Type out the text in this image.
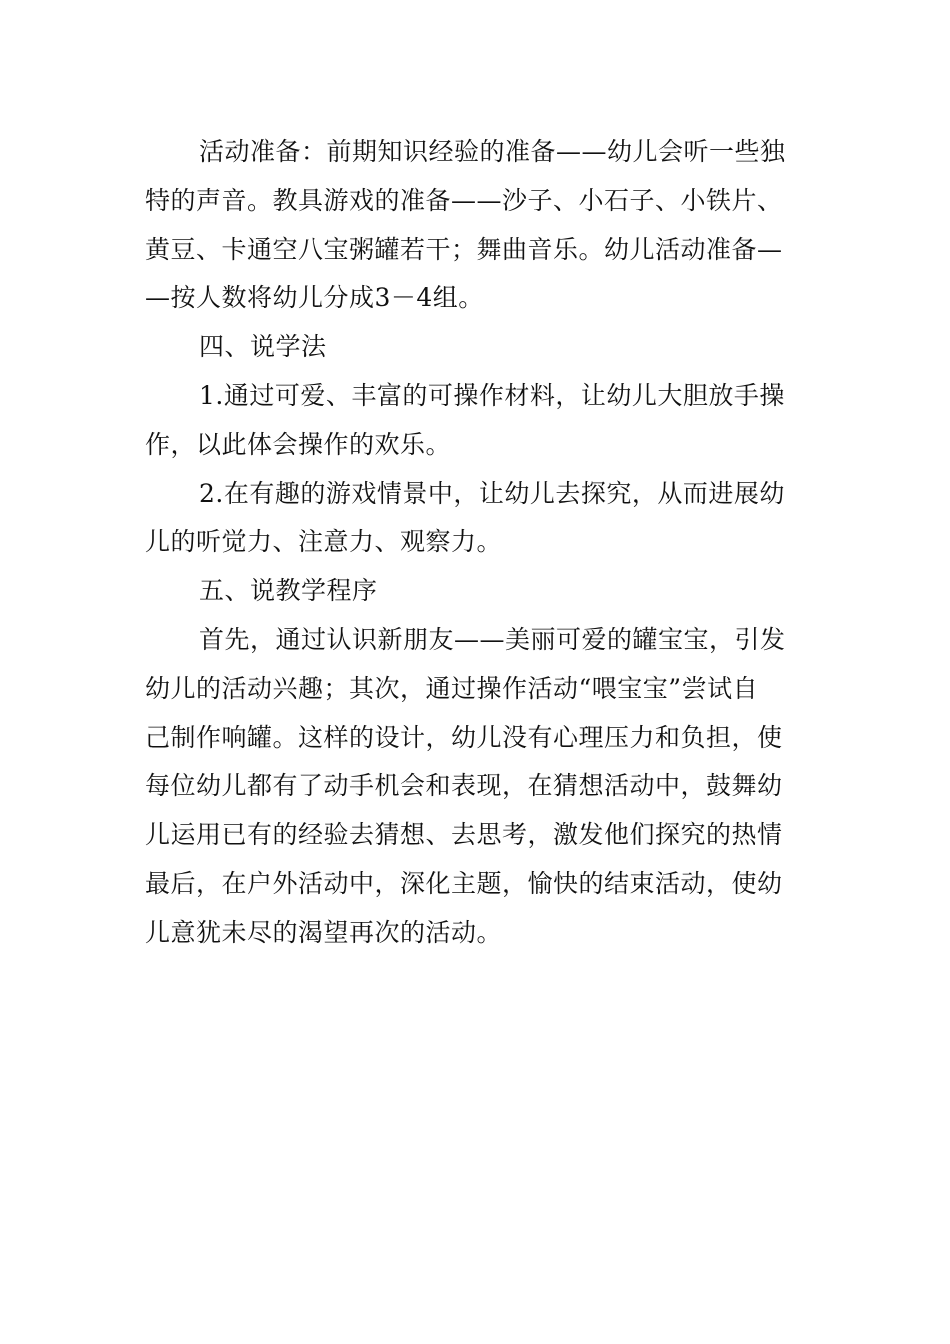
活动准备：前期知识经验的准备——幼儿会听一些独
特的声音。教具游戏的准备——沙子、小石子、小铁片、
黄豆、卡通空八宝粥罐若干；舞曲音乐。幼儿活动准备—
—按人数将幼儿分成3－4组。
四、说学法
1.通过可爱、丰富的可操作材料，让幼儿大胆放手操
作，以此体会操作的欢乐。
2.在有趣的游戏情景中，让幼儿去探究，从而进展幼
儿的听觉力、注意力、观察力。
五、说教学程序
首先，通过认识新朋友——美丽可爱的罐宝宝，引发
幼儿的活动兴趣；其次，通过操作活动“喂宝宝”尝试自
己制作响罐。这样的设计，幼儿没有心理压力和负担，使
每位幼儿都有了动手机会和表现，在猜想活动中，鼓舞幼
儿运用已有的经验去猜想、去思考，激发他们探究的热情
最后，在户外活动中，深化主题，愉快的结束活动，使幼
儿意犹未尽的渴望再次的活动。
